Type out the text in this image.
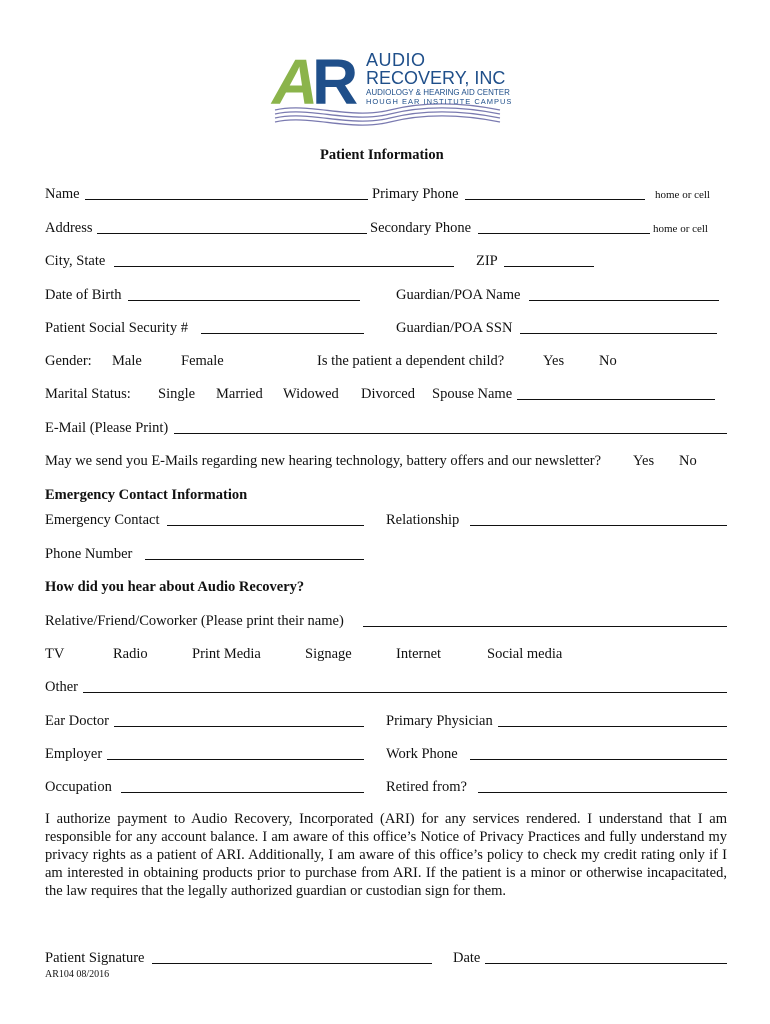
A
R AUDIO
RECOVERY, INC
AUDIOLOGY & HEARING AID CENTER
HOUGH EAR INSTITUTE CAMPUS
Patient Information
Name	Primary Phone	home or cell
Address	Secondary Phone	home or cell
City, State	ZIP
Date of Birth	Guardian/POA Name
Patient Social Security #	Guardian/POA SSN
Gender: Male	Female	Is the patient a dependent child?	Yes No
Marital Status: Single Married Widowed Divorced Spouse Name
E-Mail (Please Print)
May we send you E-Mails regarding new hearing technology, battery offers and our newsletter? Yes No
Emergency Contact Information
Emergency Contact	Relationship
Phone Number
How did you hear about Audio Recovery?
Relative/Friend/Coworker (Please print their name)
TV	Radio	Print Media	Signage	Internet	Social media
Other
Ear Doctor	Primary Physician
Employer	Work Phone
Occupation	Retired from?
I authorize payment to Audio Recovery, Incorporated (ARI) for any services rendered. I understand that I am responsible for any account balance. I am aware of this office’s Notice of Privacy Practices and fully understand my privacy rights as a patient of ARI. Additionally, I am aware of this office’s policy to check my credit rating only if I am interested in obtaining products prior to purchase from ARI. If the patient is a minor or otherwise incapacitated, the law requires that the legally authorized guardian or custodian sign for them.
Patient Signature	Date
AR104 08/2016
